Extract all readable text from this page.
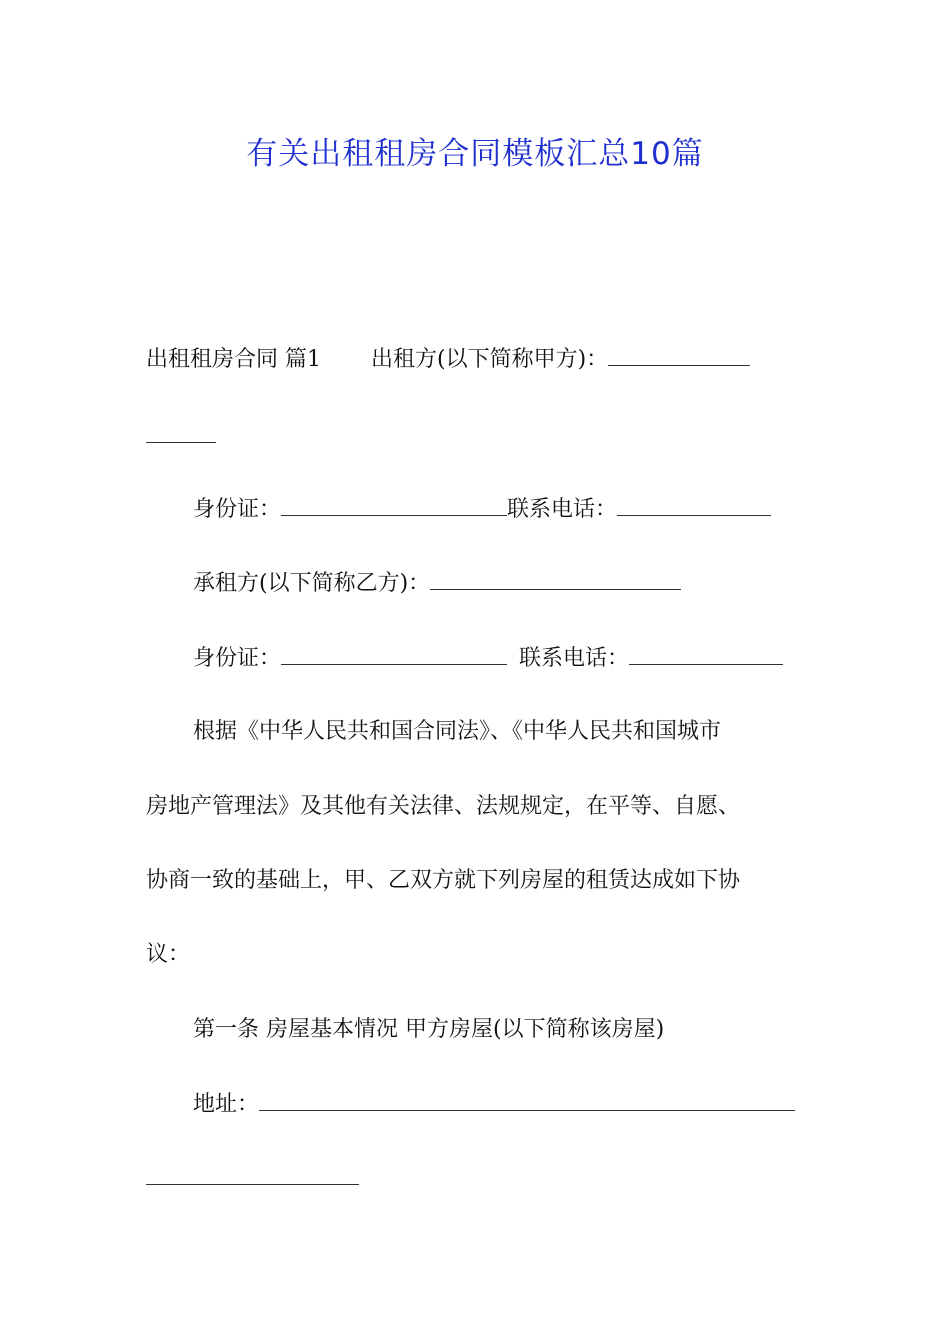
有关出租租房合同模板汇总10篇
出租租房合同 篇1 出租方(以下简称甲方)：
身份证：	联系电话：
承租方(以下简称乙方)：
身份证：	联系电话：
根据《中华人民共和国合同法》、《中华人民共和国城市
房地产管理法》及其他有关法律、法规规定，在平等、自愿、
协商一致的基础上，甲、乙双方就下列房屋的租赁达成如下协
议：
第一条 房屋基本情况 甲方房屋(以下简称该房屋)
地址：
